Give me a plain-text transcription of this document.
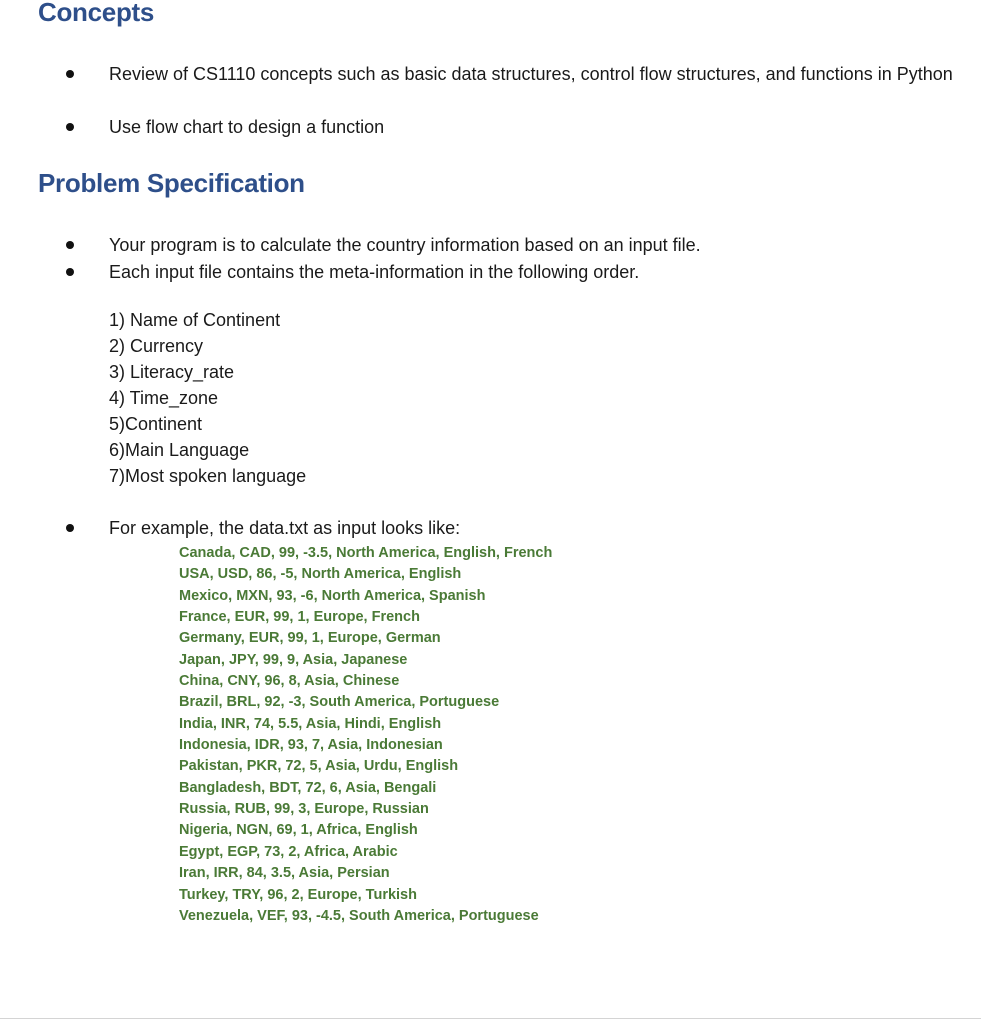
Concepts
Review of CS1110 concepts such as basic data structures, control flow structures, and functions in Python
Use flow chart to design a function
Problem Specification
Your program is to calculate the country information based on an input file.
Each input file contains the meta-information in the following order.
1) Name of Continent
2) Currency
3) Literacy_rate
4) Time_zone
5)Continent
6)Main Language
7)Most spoken language
For example, the data.txt as input looks like:
Canada, CAD, 99, -3.5, North America, English, French
USA, USD, 86, -5, North America, English
Mexico, MXN, 93, -6, North America, Spanish
France, EUR, 99, 1, Europe, French
Germany, EUR, 99, 1, Europe, German
Japan, JPY, 99, 9, Asia, Japanese
China, CNY, 96, 8, Asia, Chinese
Brazil, BRL, 92, -3, South America, Portuguese
India, INR, 74, 5.5, Asia, Hindi, English
Indonesia, IDR, 93, 7, Asia, Indonesian
Pakistan, PKR, 72, 5, Asia, Urdu, English
Bangladesh, BDT, 72, 6, Asia, Bengali
Russia, RUB, 99, 3, Europe, Russian
Nigeria, NGN, 69, 1, Africa, English
Egypt, EGP, 73, 2, Africa, Arabic
Iran, IRR, 84, 3.5, Asia, Persian
Turkey, TRY, 96, 2, Europe, Turkish
Venezuela, VEF, 93, -4.5, South America, Portuguese
